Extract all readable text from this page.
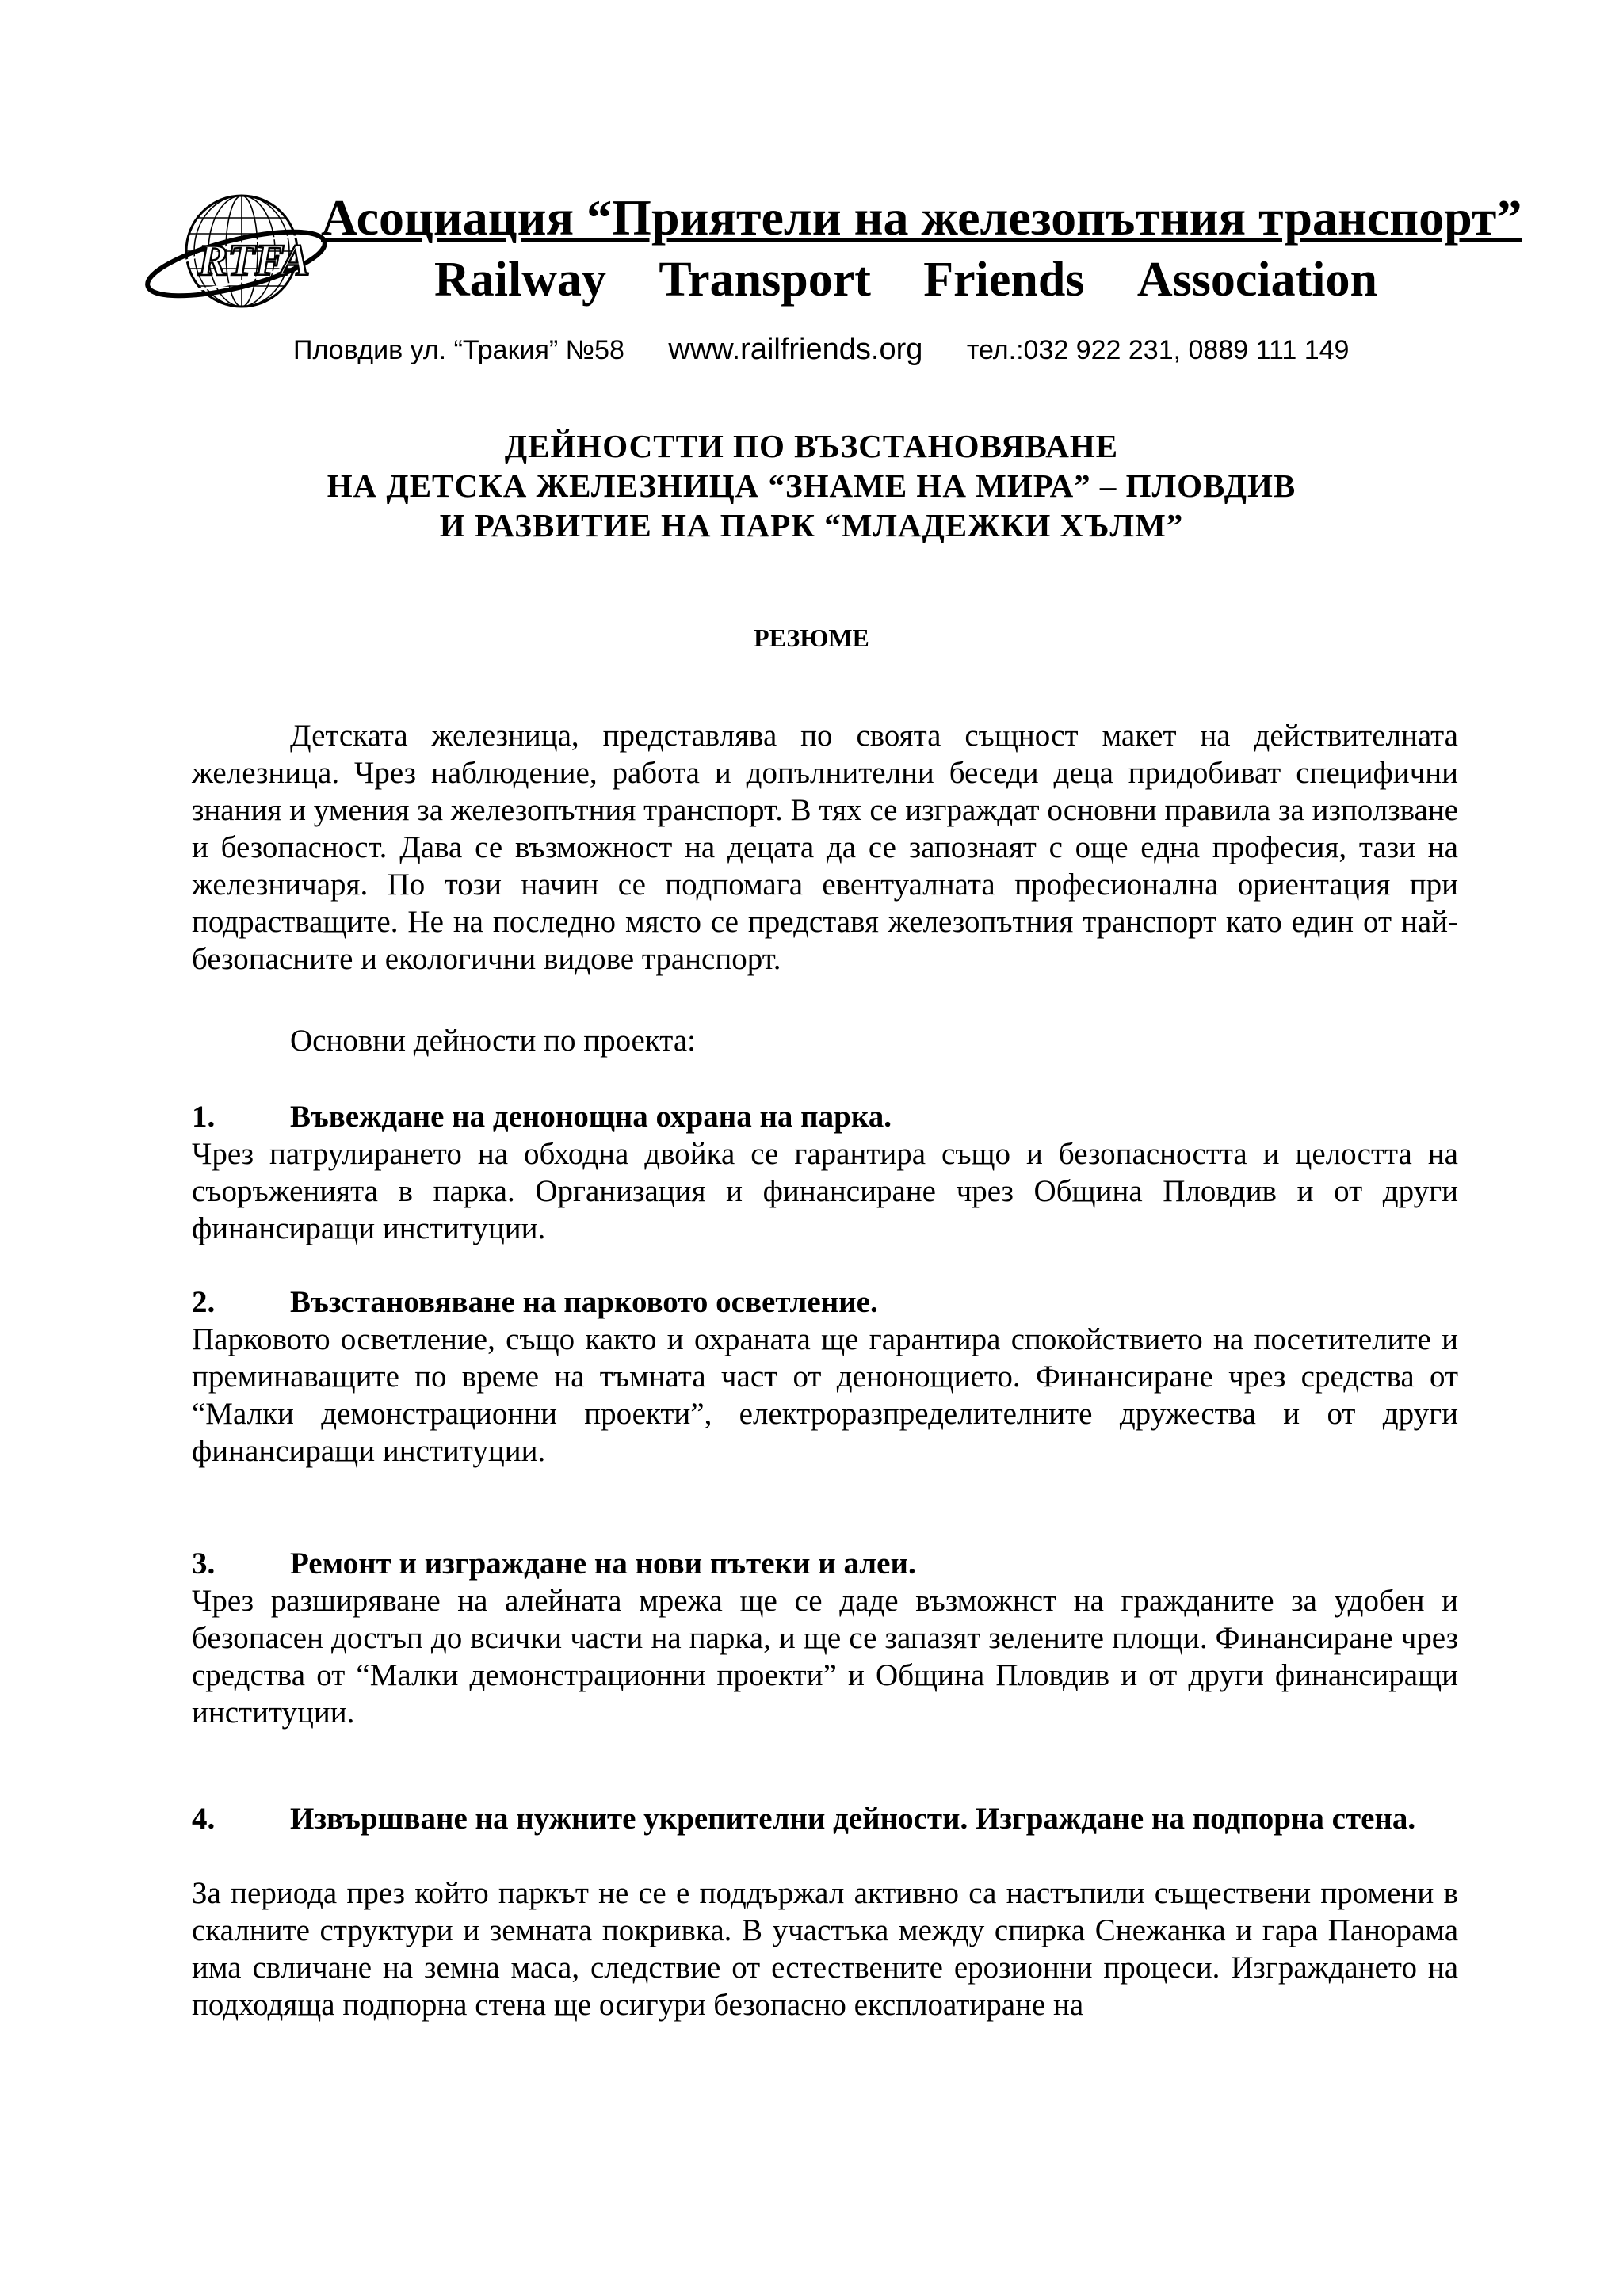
RTFA
Асоциация “Приятели на железопътния транспорт”
Railway Transport Friends Association
Пловдив ул. “Тракия” №58 www.railfriends.org тел.:032 922 231, 0889 111 149
ДЕЙНОСТТИ ПО ВЪЗСТАНОВЯВАНЕ
НА ДЕТСКА ЖЕЛЕЗНИЦА “ЗНАМЕ НА МИРА” – ПЛОВДИВ
И РАЗВИТИЕ НА ПАРК “МЛАДЕЖКИ ХЪЛМ”
РЕЗЮМЕ

Детската железница, представлява по своята същност макет на действителната железница. Чрез наблюдение, работа и допълнителни беседи деца придобиват специфични знания и умения за железопътния транспорт. В тях се изграждат основни правила за използване и безопасност. Дава се възможност на децата да се запознаят с още една професия, тази на железничаря. По този начин се подпомага евентуалната професионална ориентация при подрастващите. Не на последно място се представя железопътния транспорт като един от най- безопасните и екологични видове транспорт.

Основни дейности по проекта:

1. Въвеждане на денонощна охрана на парка.

Чрез патрулирането на обходна двойка се гарантира също и безопасността и целостта на съоръженията в парка. Организация и финансиране чрез Община Пловдив и от други финансиращи институции.

2. Възстановяване на парковото осветление.

Парковото осветление, също както и охраната ще гарантира спокойствието на посетителите и преминаващите по време на тъмната част от денонощието. Финансиране чрез средства от “Малки демонстрационни проекти”, електроразпределителните дружества и от други финансиращи институции.

3. Ремонт и изграждане на нови пътеки и алеи.

Чрез разширяване на алейната мрежа ще се даде възможнст на гражданите за удобен и безопасен достъп до всички части на парка, и ще се запазят зелените площи. Финансиране чрез средства от “Малки демонстрационни проекти” и Община Пловдив и от други финансиращи институции.

4. Извършване на нужните укрепителни дейности. Изграждане на подпорна стена.

За периода през който паркът не се е поддържал активно са настъпили съществени промени в скалните структури и земната покривка. В участъка между спирка Снежанка и гара Панорама има свличане на земна маса, следствие от естествените ерозионни процеси. Изграждането на подходяща подпорна стена ще осигури безопасно експлоатиране на
